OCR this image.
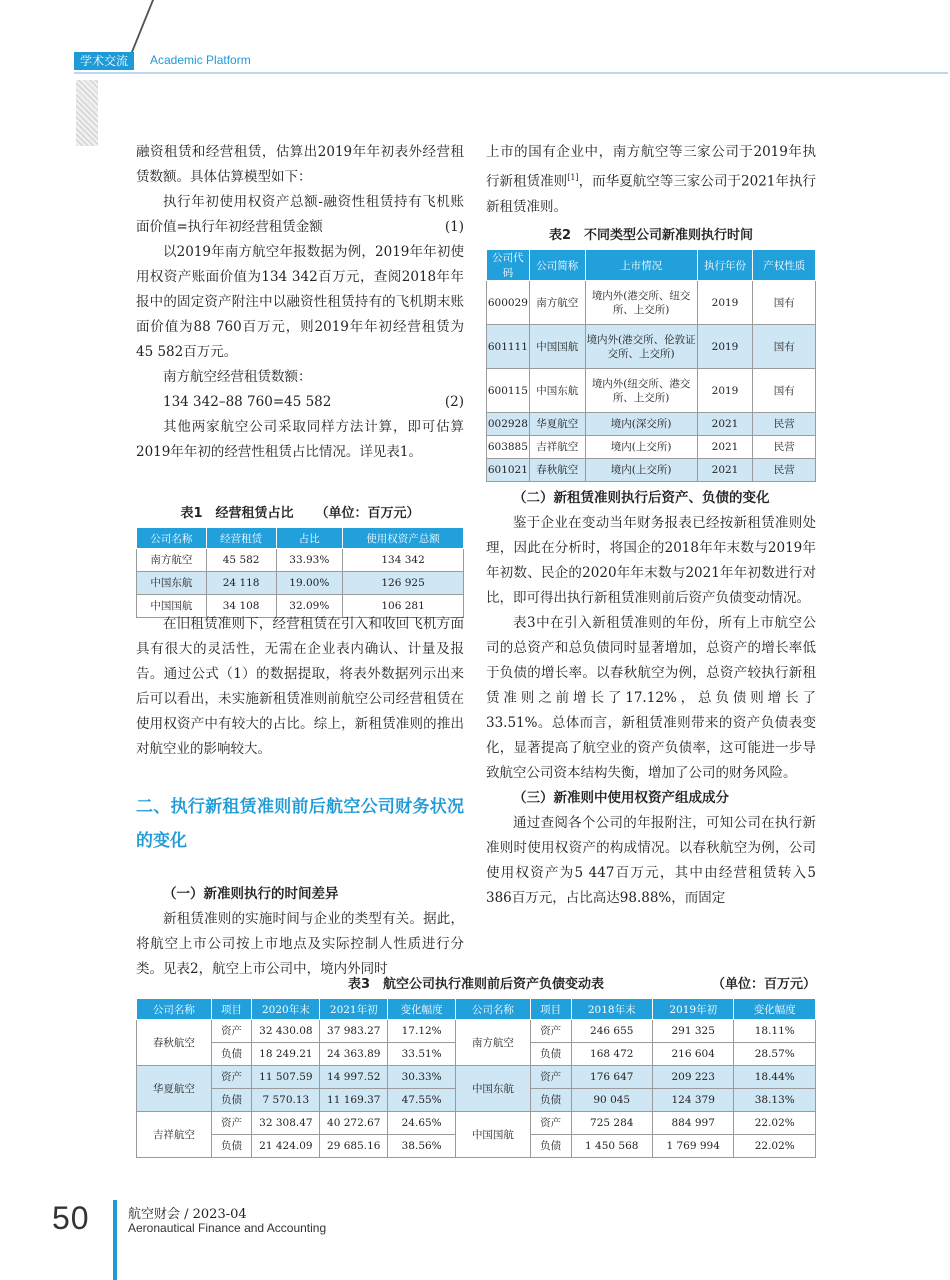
学术交流	Academic Platform

融资租赁和经营租赁，估算出2019年年初表外经营租赁数额。具体估算模型如下：

执行年初使用权资产总额-融资性租赁持有飞机账面价值=执行年初经营租赁金额	(1)

以2019年南方航空年报数据为例，2019年年初使用权资产账面价值为134 342百万元，查阅2018年年报中的固定资产附注中以融资性租赁持有的飞机期末账面价值为88 760百万元，则2019年年初经营租赁为45 582百万元。

南方航空经营租赁数额：

134 342–88 760=45 582	(2)

其他两家航空公司采取同样方法计算，即可估算2019年年初的经营性租赁占比情况。详见表1。

表1　经营租赁占比 （单位：百万元）
公司名称	经营租赁	占比	使用权资产总额
南方航空	45 582	33.93%	134 342
中国东航	24 118	19.00%	126 925
中国国航	34 108	32.09%	106 281

在旧租赁准则下，经营租赁在引入和收回飞机方面具有很大的灵活性，无需在企业表内确认、计量及报告。通过公式（1）的数据提取，将表外数据列示出来后可以看出，未实施新租赁准则前航空公司经营租赁在使用权资产中有较大的占比。综上，新租赁准则的推出对航空业的影响较大。

二、执行新租赁准则前后航空公司财务状况的变化

（一）新准则执行的时间差异

新租赁准则的实施时间与企业的类型有关。据此，将航空上市公司按上市地点及实际控制人性质进行分类。见表2，航空上市公司中，境内外同时

上市的国有企业中，南方航空等三家公司于2019年执行新租赁准则[1]，而华夏航空等三家公司于2021年执行新租赁准则。

表2　不同类型公司新准则执行时间
公司代码	公司简称	上市情况	执行年份	产权性质
600029	南方航空	境内外(港交所、纽交所、上交所)	2019	国有
601111	中国国航	境内外(港交所、伦敦证交所、上交所)	2019	国有
600115	中国东航	境内外(纽交所、港交所、上交所)	2019	国有
002928	华夏航空	境内(深交所)	2021	民营
603885	吉祥航空	境内(上交所)	2021	民营
601021	春秋航空	境内(上交所)	2021	民营

（二）新租赁准则执行后资产、负债的变化

鉴于企业在变动当年财务报表已经按新租赁准则处理，因此在分析时，将国企的2018年年末数与2019年年初数、民企的2020年年末数与2021年年初数进行对比，即可得出执行新租赁准则前后资产负债变动情况。

表3中在引入新租赁准则的年份，所有上市航空公司的总资产和总负债同时显著增加，总资产的增长率低于负债的增长率。以春秋航空为例，总资产较执行新租赁准则之前增长了17.12%，总负债则增长了33.51%。总体而言，新租赁准则带来的资产负债表变化，显著提高了航空业的资产负债率，这可能进一步导致航空公司资本结构失衡，增加了公司的财务风险。

（三）新准则中使用权资产组成成分

通过查阅各个公司的年报附注，可知公司在执行新准则时使用权资产的构成情况。以春秋航空为例，公司使用权资产为5 447百万元，其中由经营租赁转入5 386百万元，占比高达98.88%，而固定

表3　航空公司执行准则前后资产负债变动表	（单位：百万元）
公司名称	项目	2020年末	2021年初	变化幅度	公司名称	项目	2018年末	2019年初	变化幅度
春秋航空	资产	32 430.08	37 983.27	17.12%	南方航空	资产	246 655	291 325	18.11%
	负债	18 249.21	24 363.89	33.51%		负债	168 472	216 604	28.57%
华夏航空	资产	11 507.59	14 997.52	30.33%	中国东航	资产	176 647	209 223	18.44%
	负债	7 570.13	11 169.37	47.55%		负债	90 045	124 379	38.13%
吉祥航空	资产	32 308.47	40 272.67	24.65%	中国国航	资产	725 284	884 997	22.02%
	负债	21 424.09	29 685.16	38.56%		负债	1 450 568	1 769 994	22.02%
50	航空财会 / 2023-04
Aeronautical Finance and Accounting
